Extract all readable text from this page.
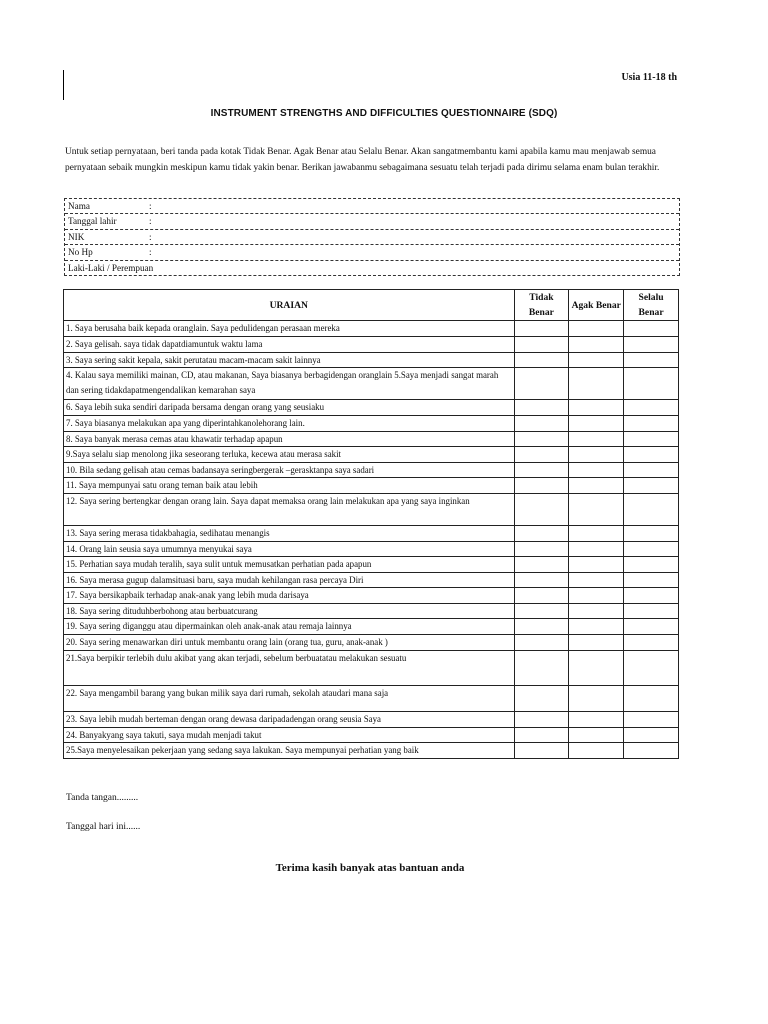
Usia 11-18 th
INSTRUMENT STRENGTHS AND DIFFICULTIES QUESTIONNAIRE (SDQ)
Untuk setiap pernyataan, beri tanda pada kotak Tidak Benar. Agak Benar atau Selalu Benar. Akan sangatmembantu kami apabila kamu mau menjawab semua pernyataan sebaik mungkin meskipun kamu tidak yakin benar. Berikan jawabanmu sebagaimana sesuatu telah terjadi pada dirimu selama enam bulan terakhir.
Nama	:
Tanggal lahir	:
NIK	:
No Hp	:
Laki-Laki / Perempuan
URAIAN	Tidak Benar	Agak Benar	Selalu Benar
1. Saya berusaha baik kepada oranglain. Saya pedulidengan perasaan mereka			
2. Saya gelisah. saya tidak dapatdiamuntuk waktu lama			
3. Saya sering sakit kepala, sakit perutatau macam-macam sakit lainnya			
4. Kalau saya memiliki mainan, CD, atau makanan, Saya biasanya berbagidengan oranglain 5.Saya menjadi sangat marah dan sering tidakdapatmengendalikan kemarahan saya			
6. Saya lebih suka sendiri daripada bersama dengan orang yang seusiaku			
7. Saya biasanya melakukan apa yang diperintahkanolehorang lain.			
8. Saya banyak merasa cemas atau khawatir terhadap apapun			
9.Saya selalu siap menolong jika seseorang terluka, kecewa atau merasa sakit			
10. Bila sedang gelisah atau cemas badansaya seringbergerak –gerasktanpa saya sadari			
11. Saya mempunyai satu orang teman baik atau lebih			
12. Saya sering bertengkar dengan orang lain. Saya dapat memaksa orang lain melakukan apa yang saya inginkan			
13. Saya sering merasa tidakbahagia, sedihatau menangis			
14. Orang lain seusia saya umumnya menyukai saya			
15. Perhatian saya mudah teralih, saya sulit untuk memusatkan perhatian pada apapun			
16. Saya merasa gugup dalamsituasi baru, saya mudah kehilangan rasa percaya Diri			
17. Saya bersikapbaik terhadap anak-anak yang lebih muda darisaya			
18. Saya sering dituduhberbohong atau berbuatcurang			
19. Saya sering diganggu atau dipermainkan oleh anak-anak atau remaja lainnya			
20. Saya sering menawarkan diri untuk membantu orang lain (orang tua, guru, anak-anak )			
21.Saya berpikir terlebih dulu akibat yang akan terjadi, sebelum berbuatatau melakukan sesuatu			
22. Saya mengambil barang yang bukan milik saya dari rumah, sekolah ataudari mana saja			
23. Saya lebih mudah berteman dengan orang dewasa daripadadengan orang seusia Saya			
24. Banyakyang saya takuti, saya mudah menjadi takut			
25.Saya menyelesaikan pekerjaan yang sedang saya lakukan. Saya mempunyai perhatian yang baik			
Tanda tangan.........
Tanggal hari ini......
Terima kasih banyak atas bantuan anda
